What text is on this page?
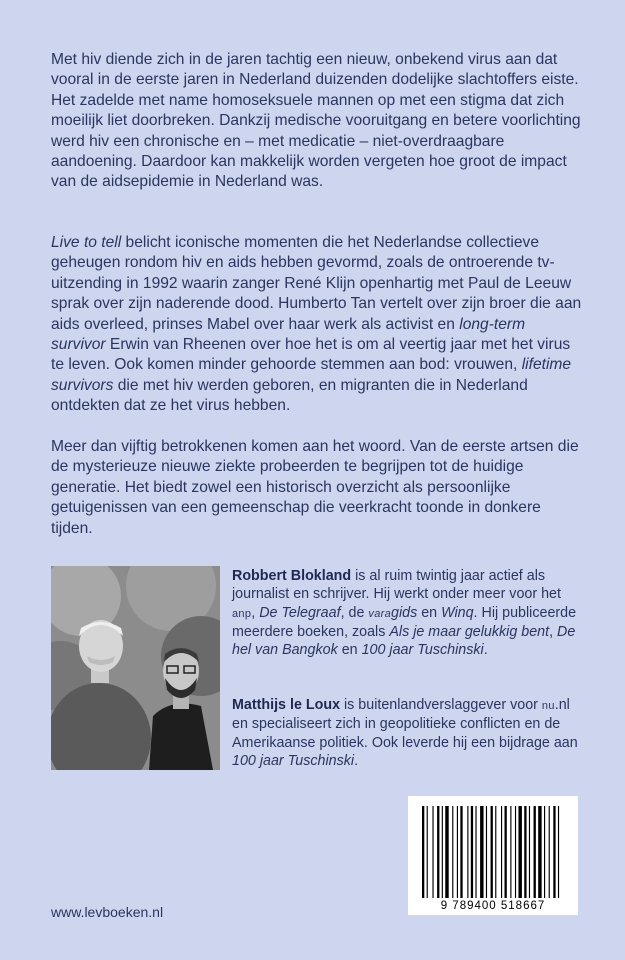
Met hiv diende zich in de jaren tachtig een nieuw, onbekend virus aan dat vooral in de eerste jaren in Nederland duizenden dodelijke slachtoffers eiste. Het zadelde met name homoseksuele mannen op met een stigma dat zich moeilijk liet doorbreken. Dankzij medische vooruitgang en betere voorlichting werd hiv een chronische en – met medicatie – niet-overdraagbare aandoening. Daardoor kan makkelijk worden vergeten hoe groot de impact van de aidsepidemie in Nederland was.

Live to tell belicht iconische momenten die het Nederlandse collectieve geheugen rondom hiv en aids hebben gevormd, zoals de ontroerende tv-uitzending in 1992 waarin zanger René Klijn openhartig met Paul de Leeuw sprak over zijn naderende dood. Humberto Tan vertelt over zijn broer die aan aids overleed, prinses Mabel over haar werk als activist en long-term survivor Erwin van Rheenen over hoe het is om al veertig jaar met het virus te leven. Ook komen minder gehoorde stemmen aan bod: vrouwen, lifetime survivors die met hiv werden geboren, en migranten die in Nederland ontdekten dat ze het virus hebben.

Meer dan vijftig betrokkenen komen aan het woord. Van de eerste artsen die de mysterieuze nieuwe ziekte probeerden te begrijpen tot de huidige generatie. Het biedt zowel een historisch overzicht als persoonlijke getuigenissen van een gemeenschap die veerkracht toonde in donkere tijden.

Robbert Blokland is al ruim twintig jaar actief als journalist en schrijver. Hij werkt onder meer voor het anp, De Telegraaf, de varagids en Winq. Hij publiceerde meerdere boeken, zoals Als je maar gelukkig bent, De hel van Bangkok en 100 jaar Tuschinski.

Matthijs le Loux is buitenlandverslaggever voor nu.nl en specialiseert zich in geopolitieke conflicten en de Amerikaanse politiek. Ook leverde hij een bijdrage aan 100 jaar Tuschinski.

9 789400 518667
www.levboeken.nl
